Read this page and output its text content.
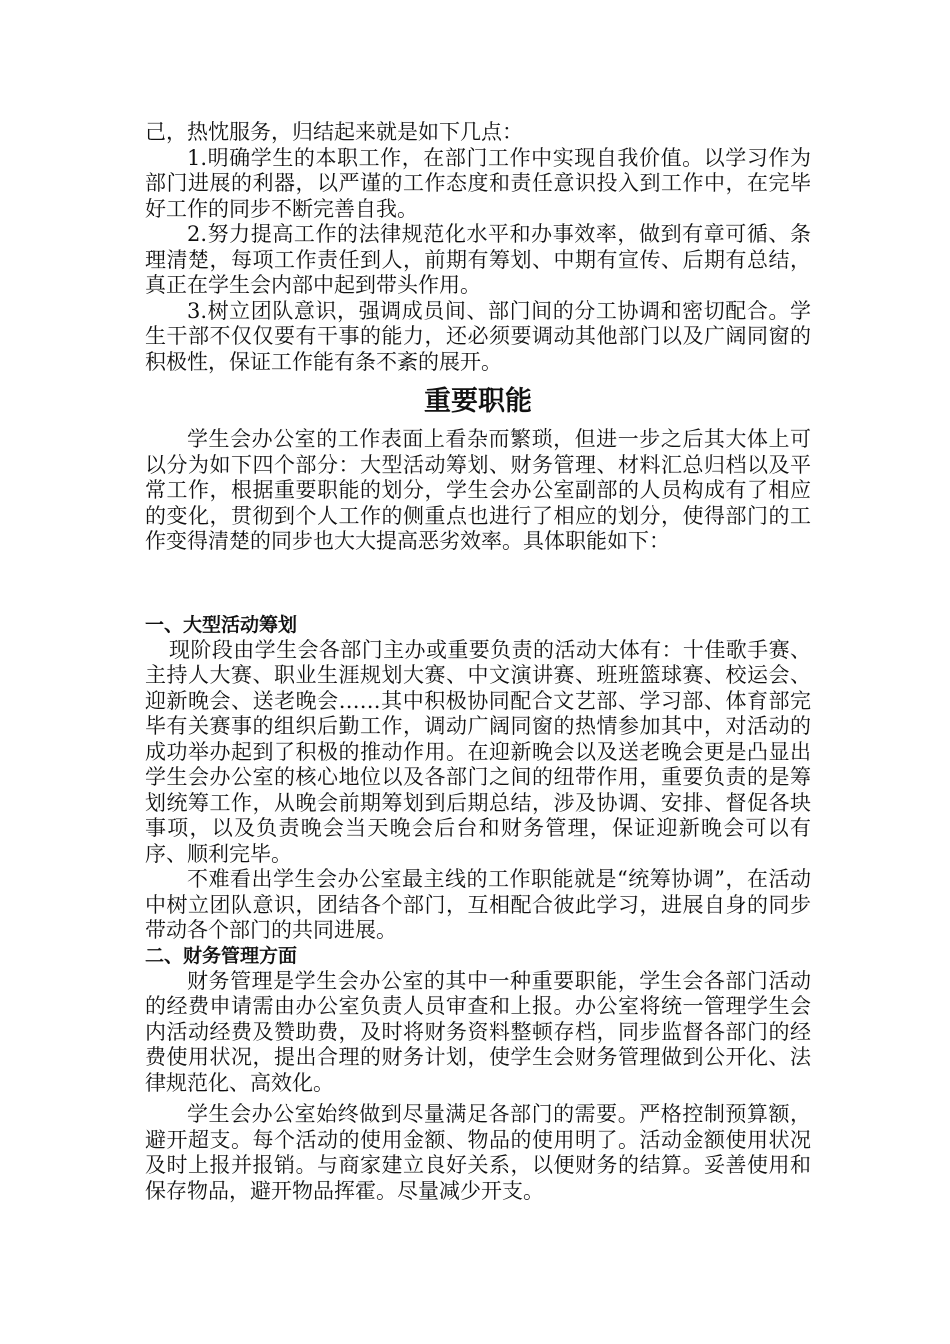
己，热忱服务，归结起来就是如下几点：

1.明确学生的本职工作，在部门工作中实现自我价值。以学习作为部门进展的利器，以严谨的工作态度和责任意识投入到工作中，在完毕好工作的同步不断完善自我。

2.努力提高工作的法律规范化水平和办事效率，做到有章可循、条理清楚，每项工作责任到人，前期有筹划、中期有宣传、后期有总结，真正在学生会内部中起到带头作用。

3.树立团队意识，强调成员间、部门间的分工协调和密切配合。学生干部不仅仅要有干事的能力，还必须要调动其他部门以及广阔同窗的积极性，保证工作能有条不紊的展开。

重要职能

学生会办公室的工作表面上看杂而繁琐，但进一步之后其大体上可以分为如下四个部分：大型活动筹划、财务管理、材料汇总归档以及平常工作，根据重要职能的划分，学生会办公室副部的人员构成有了相应的变化，贯彻到个人工作的侧重点也进行了相应的划分，使得部门的工作变得清楚的同步也大大提高恶劣效率。具体职能如下：

一、大型活动筹划

现阶段由学生会各部门主办或重要负责的活动大体有：十佳歌手赛、主持人大赛、职业生涯规划大赛、中文演讲赛、班班篮球赛、校运会、迎新晚会、送老晚会……其中积极协同配合文艺部、学习部、体育部完毕有关赛事的组织后勤工作，调动广阔同窗的热情参加其中，对活动的成功举办起到了积极的推动作用。在迎新晚会以及送老晚会更是凸显出学生会办公室的核心地位以及各部门之间的纽带作用，重要负责的是筹划统筹工作，从晚会前期筹划到后期总结，涉及协调、安排、督促各块事项，以及负责晚会当天晚会后台和财务管理，保证迎新晚会可以有序、顺利完毕。

不难看出学生会办公室最主线的工作职能就是“统筹协调”，在活动中树立团队意识，团结各个部门，互相配合彼此学习，进展自身的同步带动各个部门的共同进展。

二、财务管理方面

财务管理是学生会办公室的其中一种重要职能，学生会各部门活动的经费申请需由办公室负责人员审查和上报。办公室将统一管理学生会内活动经费及赞助费，及时将财务资料整顿存档，同步监督各部门的经费使用状况，提出合理的财务计划，使学生会财务管理做到公开化、法律规范化、高效化。

学生会办公室始终做到尽量满足各部门的需要。严格控制预算额，避开超支。每个活动的使用金额、物品的使用明了。活动金额使用状况及时上报并报销。与商家建立良好关系，以便财务的结算。妥善使用和保存物品，避开物品挥霍。尽量减少开支。
